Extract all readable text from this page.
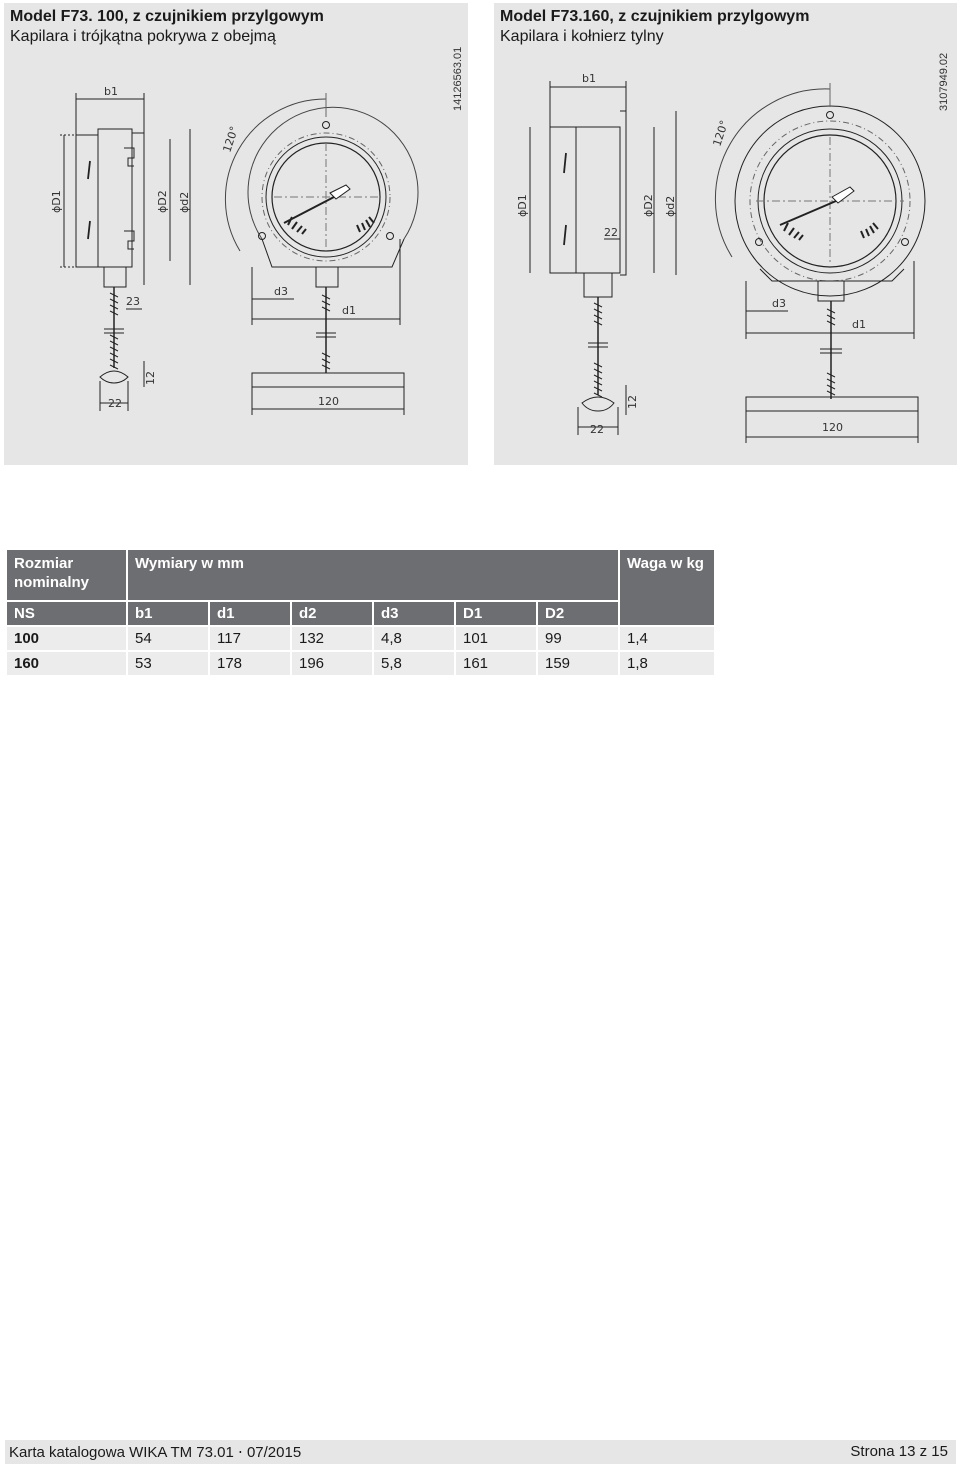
Model F73. 100, z czujnikiem przylgowym
Kapilara i trójkątna pokrywa z obejmą
14126563.01
b1
ϕD1	ϕD2 ϕd2
120°
d3
d1
23
22
12
120
Model F73.160, z czujnikiem przylgowym
Kapilara i kołnierz tylny
3107949.02
b1
ϕD1
22
ϕD2 ϕd2
120°
d3
d1
22
12
120
Rozmiar nominalny	Wymiary w mm						Waga w kg
NS	b1	d1	d2	d3	D1	D2	
100	54	117	132	4,8	101	99	1,4
160	53	178	196	5,8	161	159	1,8
Karta katalogowa WIKA TM 73.01 ⋅ 07/2015	Strona 13 z 15
